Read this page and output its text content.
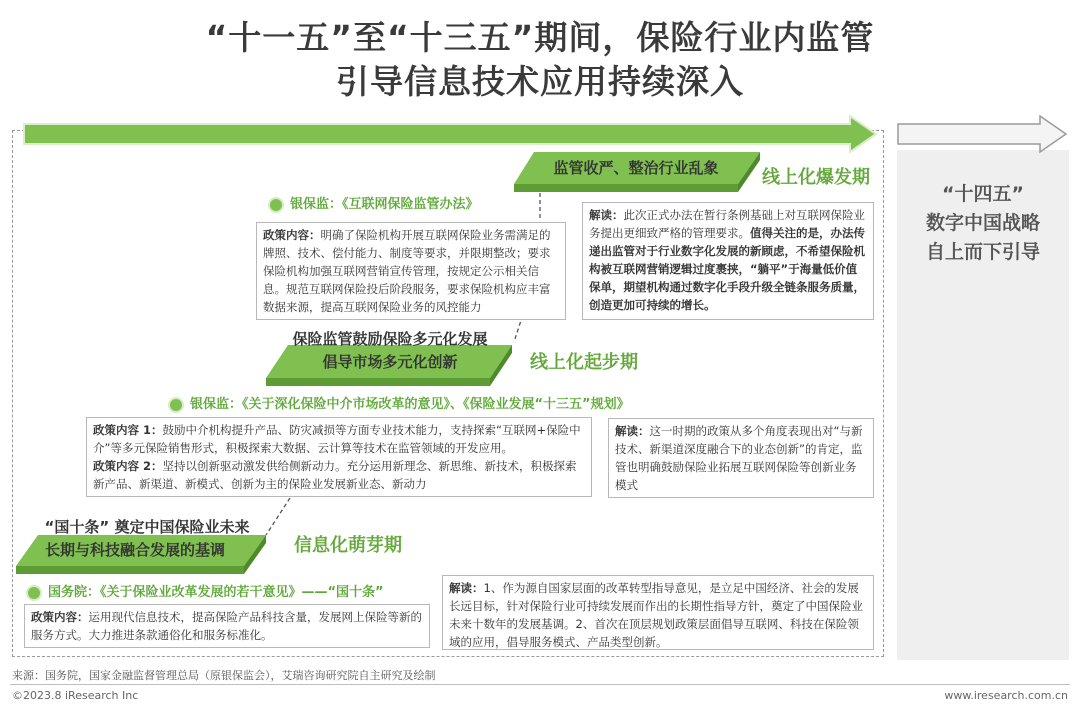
“十一五”至“十三五”期间，保险行业内监管
引导信息技术应用持续深入
监管收严、整治行业乱象	线上化爆发期
保险监管鼓励保险多元化发展
倡导市场多元化创新	线上化起步期
“国十条” 奠定中国保险业未来
长期与科技融合发展的基调	信息化萌芽期
银保监：《互联网保险监管办法》
银保监：《关于深化保险中介市场改革的意见》、《保险业发展“十三五”规划》
国务院：《关于保险业改革发展的若干意见》——“国十条”
政策内容：明确了保险机构开展互联网保险业务需满足的牌照、技术、偿付能力、制度等要求，并限期整改；要求保险机构加强互联网营销宣传管理，按规定公示相关信息。规范互联网保险投后阶段服务，要求保险机构应丰富数据来源，提高互联网保险业务的风控能力
解读：此次正式办法在暂行条例基础上对互联网保险业务提出更细致严格的管理要求。值得关注的是，办法传递出监管对于行业数字化发展的新顾虑，不希望保险机构被互联网营销逻辑过度裹挟，“躺平”于海量低价值保单，期望机构通过数字化手段升级全链条服务质量，创造更加可持续的增长。
政策内容 1：鼓励中介机构提升产品、防灾减损等方面专业技术能力，支持探索“互联网+保险中介”等多元保险销售形式，积极探索大数据、云计算等技术在监管领域的开发应用。
政策内容 2：坚持以创新驱动激发供给侧新动力。充分运用新理念、新思维、新技术，积极探索新产品、新渠道、新模式、创新为主的保险业发展新业态、新动力
解读：这一时期的政策从多个角度表现出对“与新技术、新渠道深度融合下的业态创新”的肯定，监管也明确鼓励保险业拓展互联网保险等创新业务模式
政策内容：运用现代信息技术，提高保险产品科技含量，发展网上保险等新的服务方式。大力推进条款通俗化和服务标准化。
解读：1、作为源自国家层面的改革转型指导意见，是立足中国经济、社会的发展长远目标，针对保险行业可持续发展而作出的长期性指导方针，奠定了中国保险业未来十数年的发展基调。2、首次在顶层规划政策层面倡导互联网、科技在保险领域的应用，倡导服务模式、产品类型创新。
“十四五”
数字中国战略
自上而下引导
来源：国务院，国家金融监督管理总局（原银保监会），艾瑞咨询研究院自主研究及绘制
©2023.8 iResearch Inc	www.iresearch.com.cn
